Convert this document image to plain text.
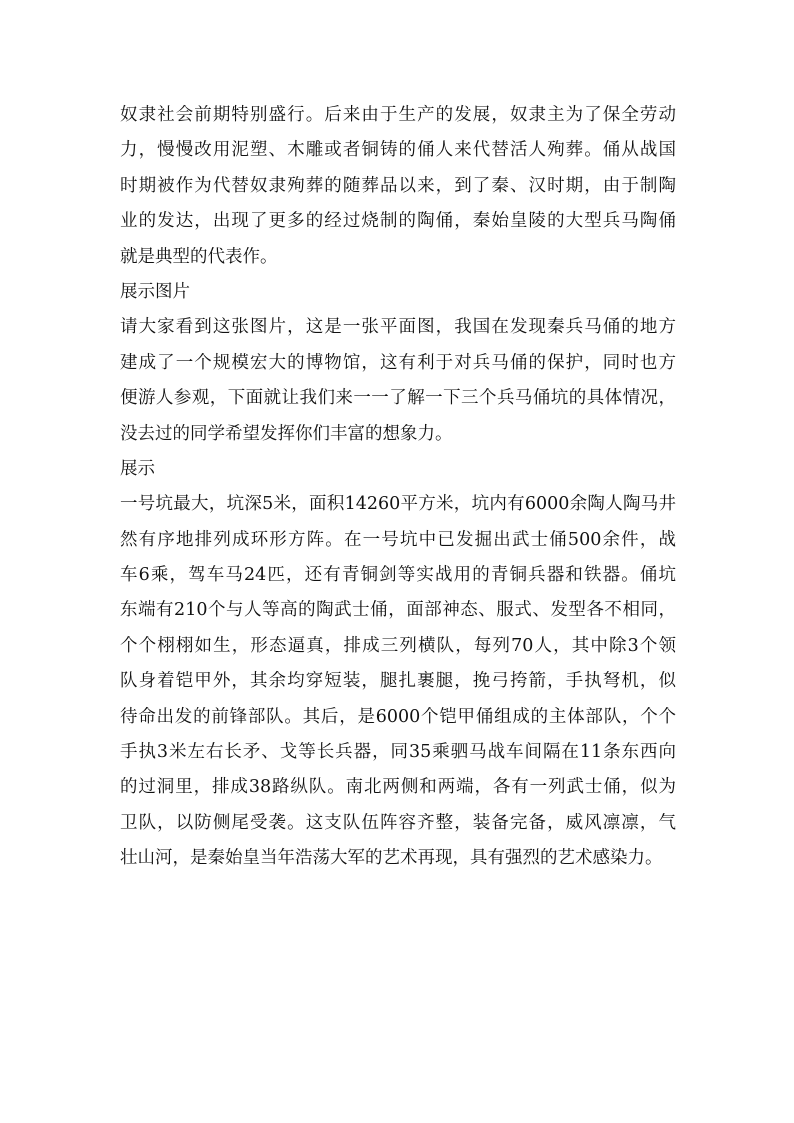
奴隶社会前期特别盛行。后来由于生产的发展，奴隶主为了保全劳动
力，慢慢改用泥塑、木雕或者铜铸的俑人来代替活人殉葬。俑从战国
时期被作为代替奴隶殉葬的随葬品以来，到了秦、汉时期，由于制陶
业的发达，出现了更多的经过烧制的陶俑，秦始皇陵的大型兵马陶俑
就是典型的代表作。
展示图片
请大家看到这张图片，这是一张平面图，我国在发现秦兵马俑的地方
建成了一个规模宏大的博物馆，这有利于对兵马俑的保护，同时也方
便游人参观，下面就让我们来一一了解一下三个兵马俑坑的具体情况，
没去过的同学希望发挥你们丰富的想象力。
展示
一号坑最大，坑深5米，面积14260平方米，坑内有6000余陶人陶马井
然有序地排列成环形方阵。在一号坑中已发掘出武士俑500余件，战
车6乘，驾车马24匹，还有青铜剑等实战用的青铜兵器和铁器。俑坑
东端有210个与人等高的陶武士俑，面部神态、服式、发型各不相同，
个个栩栩如生，形态逼真，排成三列横队，每列70人，其中除3个领
队身着铠甲外，其余均穿短装，腿扎裹腿，挽弓挎箭，手执弩机，似
待命出发的前锋部队。其后，是6000个铠甲俑组成的主体部队，个个
手执3米左右长矛、戈等长兵器，同35乘驷马战车间隔在11条东西向
的过洞里，排成38路纵队。南北两侧和两端，各有一列武士俑，似为
卫队，以防侧尾受袭。这支队伍阵容齐整，装备完备，威风凛凛，气
壮山河，是秦始皇当年浩荡大军的艺术再现，具有强烈的艺术感染力。
